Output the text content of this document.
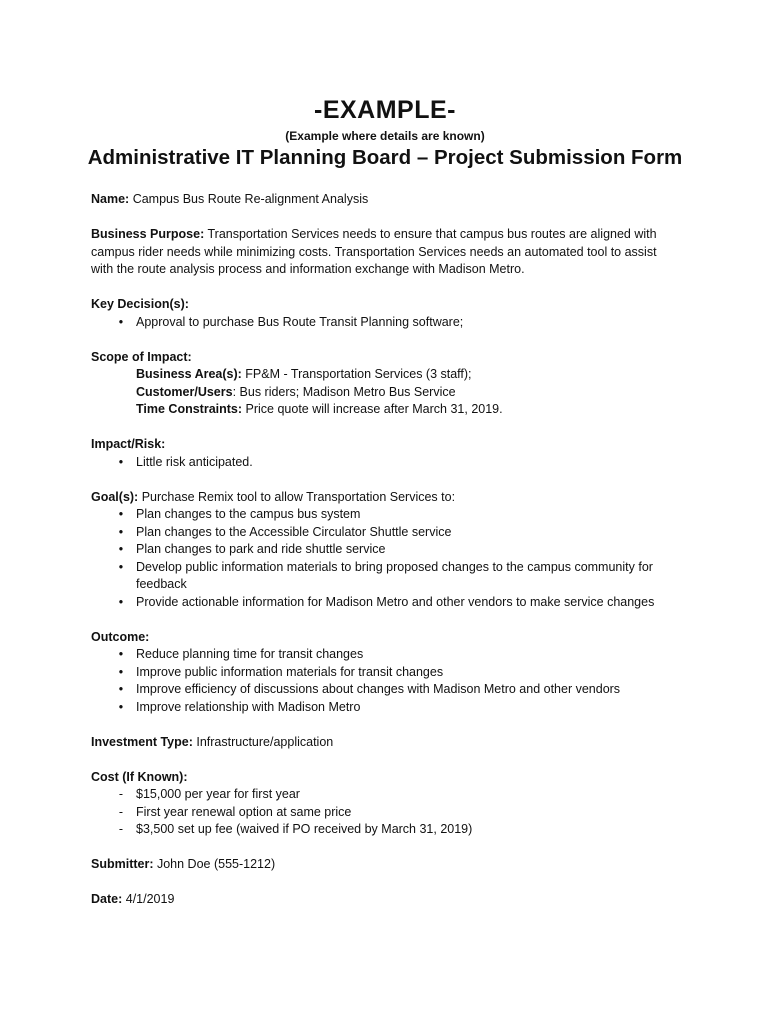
-EXAMPLE-
(Example where details are known)
Administrative IT Planning Board – Project Submission Form

Name: Campus Bus Route Re-alignment Analysis

Business Purpose: Transportation Services needs to ensure that campus bus routes are aligned with campus rider needs while minimizing costs. Transportation Services needs an automated tool to assist with the route analysis process and information exchange with Madison Metro.

Key Decision(s):

•	Approval to purchase Bus Route Transit Planning software;

Scope of Impact:

Business Area(s): FP&M - Transportation Services (3 staff);

Customer/Users: Bus riders; Madison Metro Bus Service

Time Constraints: Price quote will increase after March 31, 2019.

Impact/Risk:

•	Little risk anticipated.

Goal(s): Purchase Remix tool to allow Transportation Services to:

•	Plan changes to the campus bus system
•	Plan changes to the Accessible Circulator Shuttle service
•	Plan changes to park and ride shuttle service
•	Develop public information materials to bring proposed changes to the campus community for feedback
•	Provide actionable information for Madison Metro and other vendors to make service changes

Outcome:

•	Reduce planning time for transit changes
•	Improve public information materials for transit changes
•	Improve efficiency of discussions about changes with Madison Metro and other vendors
•	Improve relationship with Madison Metro

Investment Type: Infrastructure/application

Cost (If Known):

-	$15,000 per year for first year
-	First year renewal option at same price
-	$3,500 set up fee (waived if PO received by March 31, 2019)

Submitter: John Doe (555-1212)

Date: 4/1/2019
